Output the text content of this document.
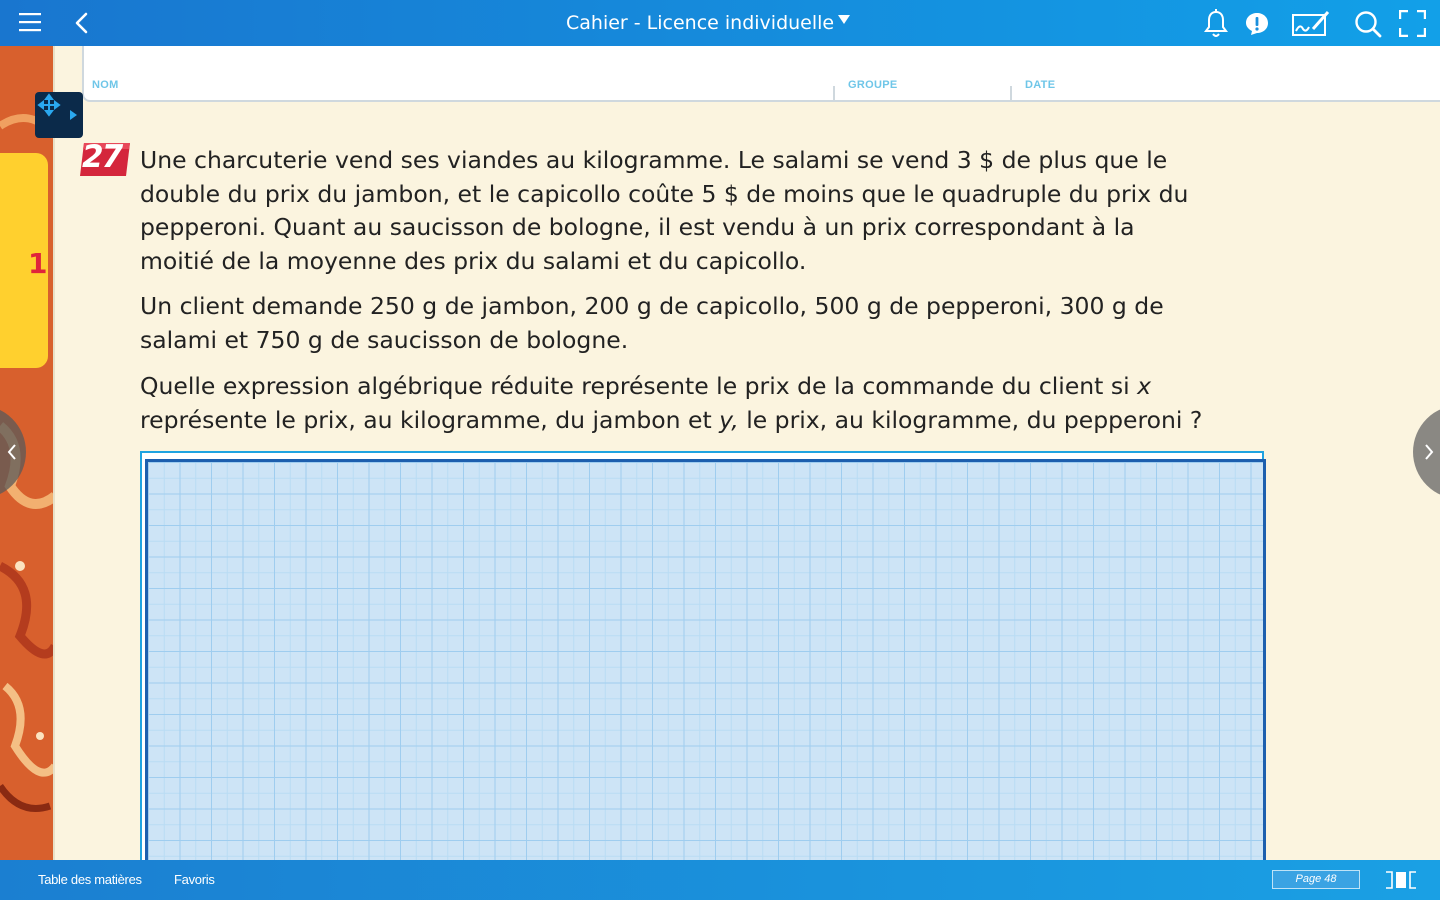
Cahier - Licence individuelle
1
NOM	GROUPE	DATE
27 Une charcuterie vend ses viandes au kilogramme. Le salami se vend 3 $ de plus que le double du prix du jambon, et le capicollo coûte 5 $ de moins que le quadruple du prix du pepperoni. Quant au saucisson de bologne, il est vendu à un prix correspondant à la moitié de la moyenne des prix du salami et du capicollo.
Un client demande 250 g de jambon, 200 g de capicollo, 500 g de pepperoni, 300 g de salami et 750 g de saucisson de bologne.
Quelle expression algébrique réduite représente le prix de la commande du client si x représente le prix, au kilogramme, du jambon et y, le prix, au kilogramme, du pepperoni ?
Table des matières Favoris	Page 48
